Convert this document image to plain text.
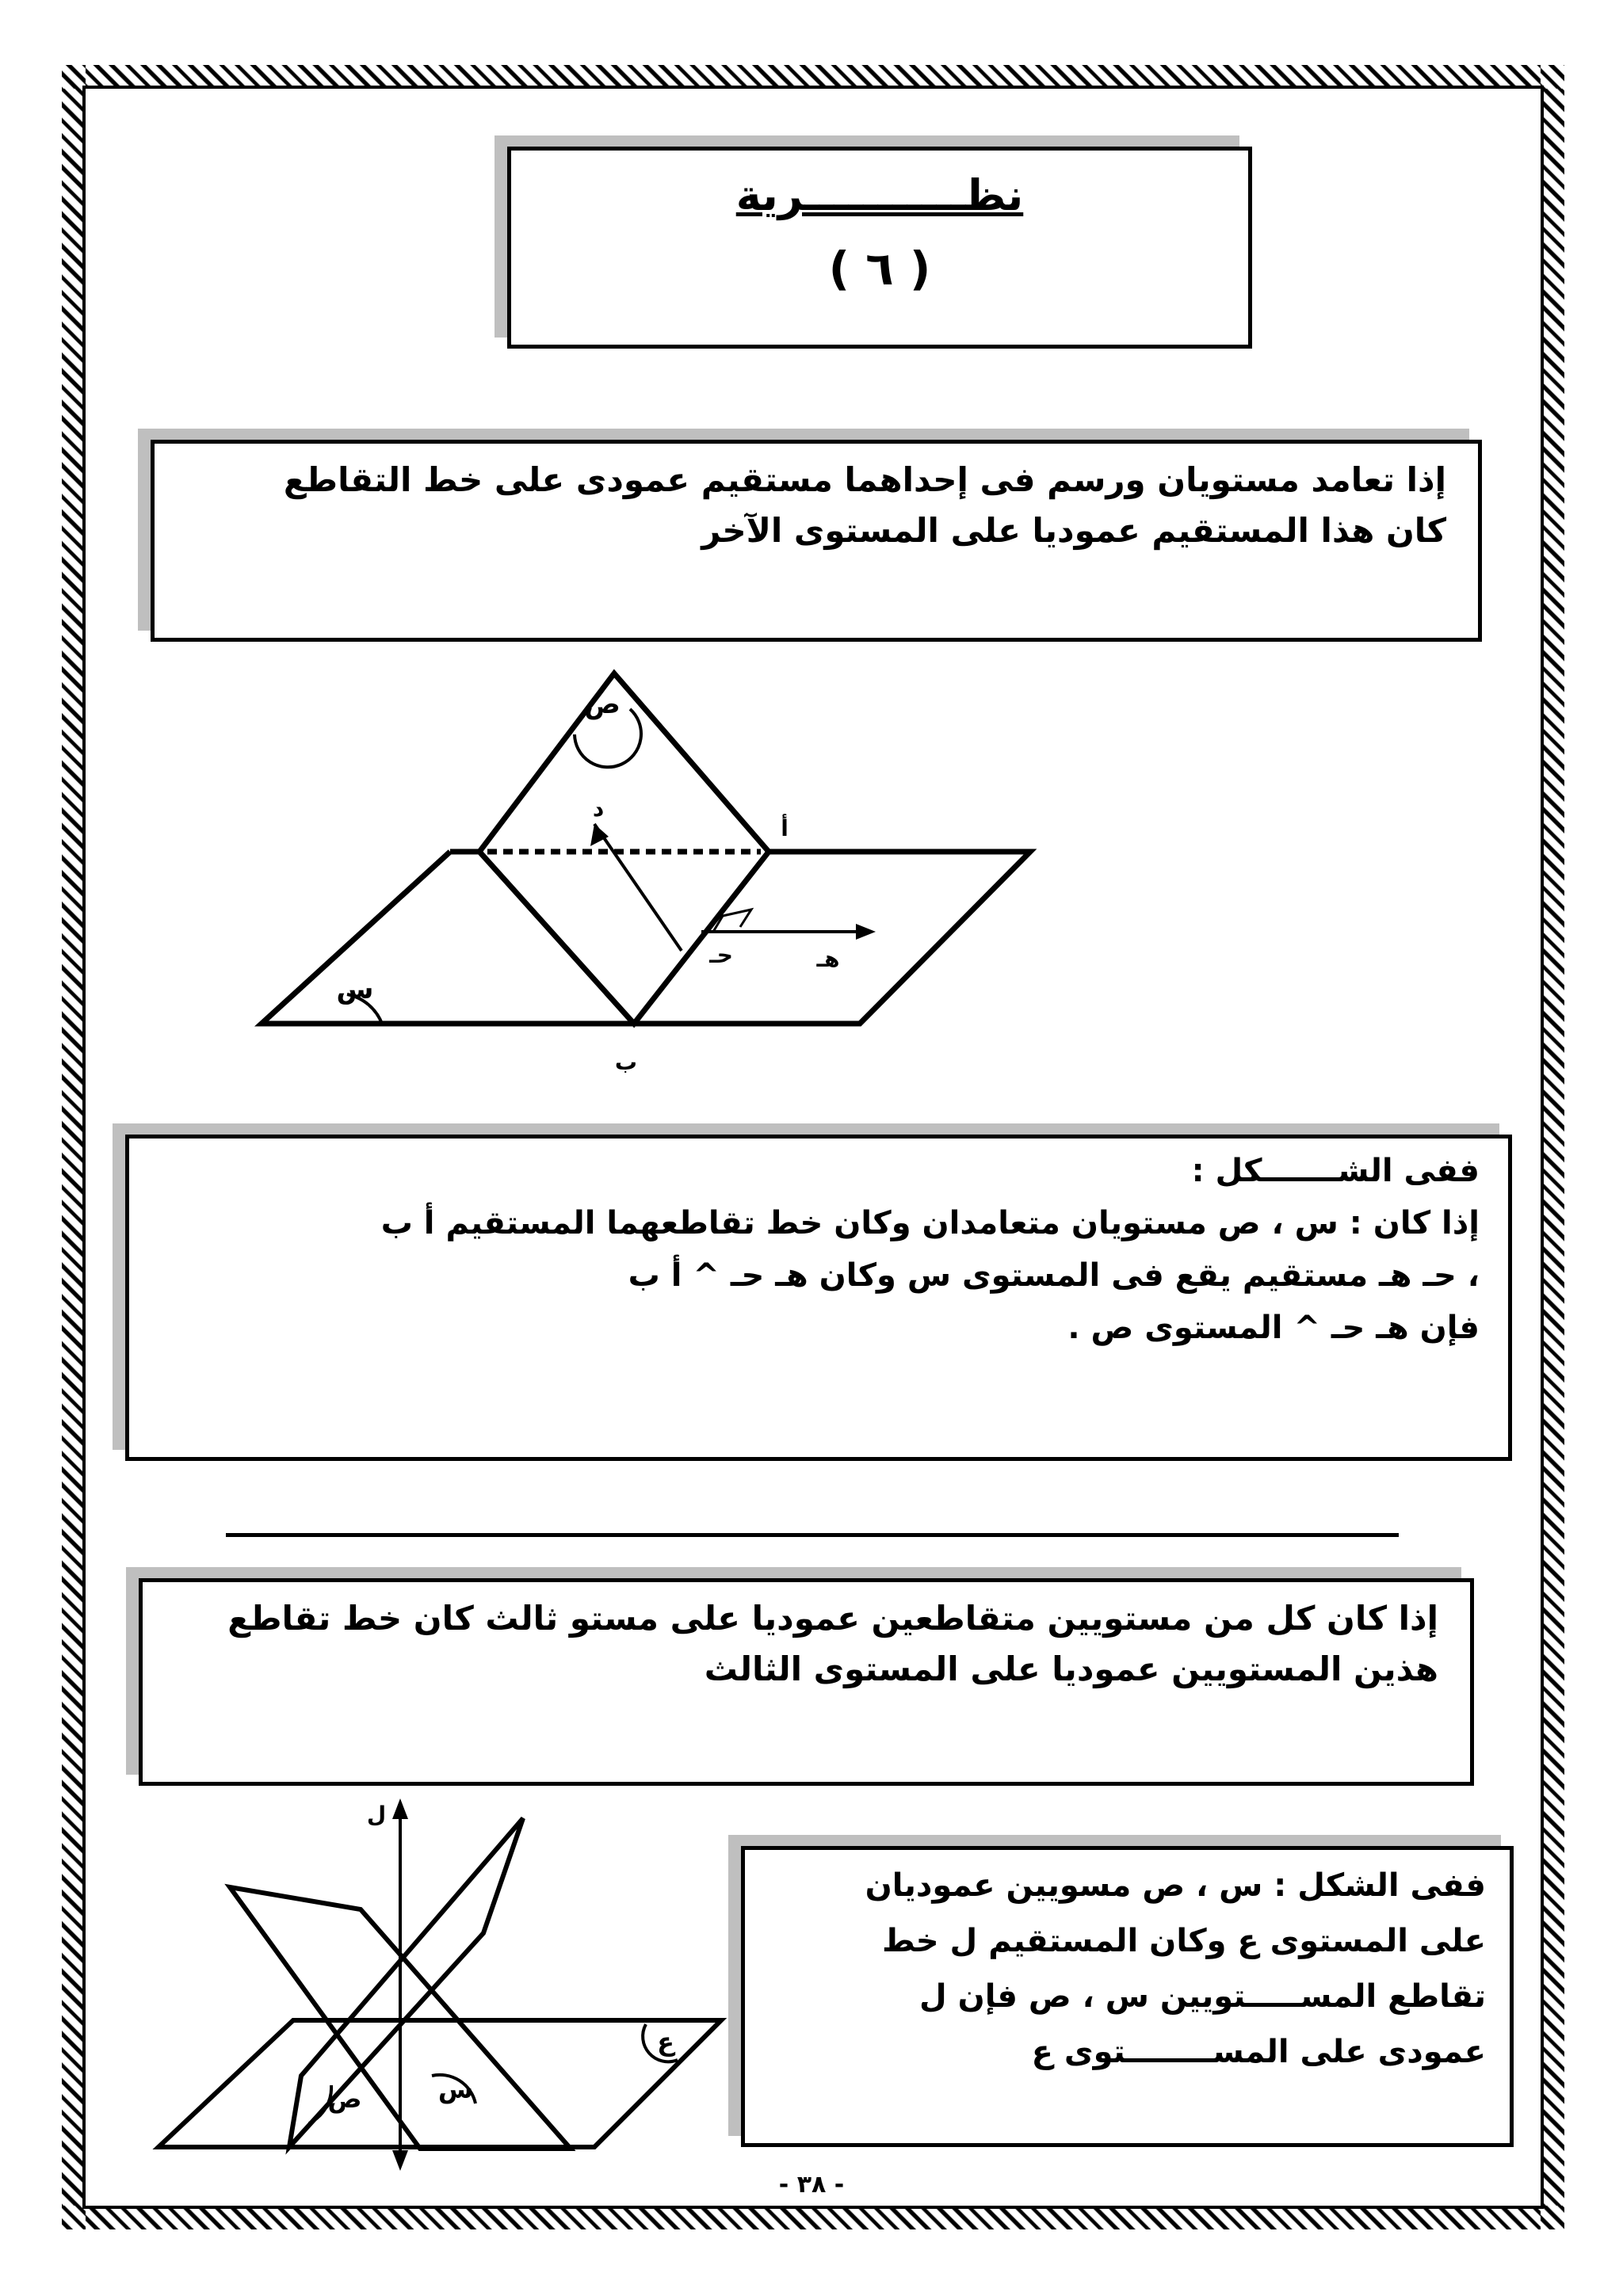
نظـــــــــــرية
( ٦ )
إذا تعامد مستويان ورسم فى إحداهما مستقيم عمودى على خط التقاطع
كان هذا المستقيم عموديا على المستوى الآخر
ص
س
أ
ب
د
هـ
حـ
ففى الشـــــــكل :
إذا كان : س ، ص مستويان متعامدان وكان خط تقاطعهما المستقيم أ ب
، حـ هـ مستقيم يقع فى المستوى س وكان هـ حـ ^ أ ب
فإن هـ حـ ^ المستوى ص .
إذا كان كل من مستويين متقاطعين عموديا على مستو ثالث كان خط تقاطع
هذين المستويين عموديا على المستوى الثالث
ل
ص	س
ع
ففى الشكل : س ، ص مسويين عموديان
على المستوى ع وكان المستقيم ل خط
تقاطع المســـــتويين س ، ص فإن ل
عمودى على المســــــــتوى ع
- ٣٨ -
